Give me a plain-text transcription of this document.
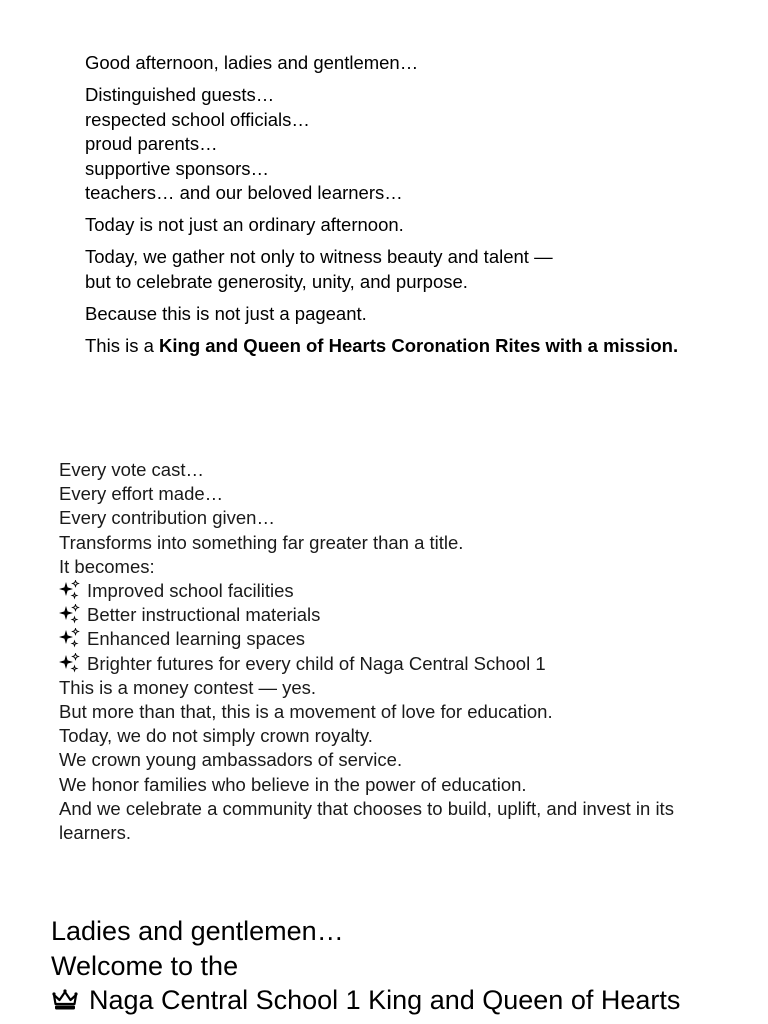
Good afternoon, ladies and gentlemen…

Distinguished guests…
respected school officials…
proud parents…
supportive sponsors…
teachers… and our beloved learners…

Today is not just an ordinary afternoon.

Today, we gather not only to witness beauty and talent —
but to celebrate generosity, unity, and purpose.

Because this is not just a pageant.

This is a King and Queen of Hearts Coronation Rites with a mission.

Every vote cast…
Every effort made…
Every contribution given…
Transforms into something far greater than a title.
It becomes:
Improved school facilities
Better instructional materials
Enhanced learning spaces
Brighter futures for every child of Naga Central School 1
This is a money contest — yes.
But more than that, this is a movement of love for education.
Today, we do not simply crown royalty.
We crown young ambassadors of service.
We honor families who believe in the power of education.
And we celebrate a community that chooses to build, uplift, and invest in its learners.
Ladies and gentlemen…
Welcome to the
Naga Central School 1 King and Queen of Hearts
